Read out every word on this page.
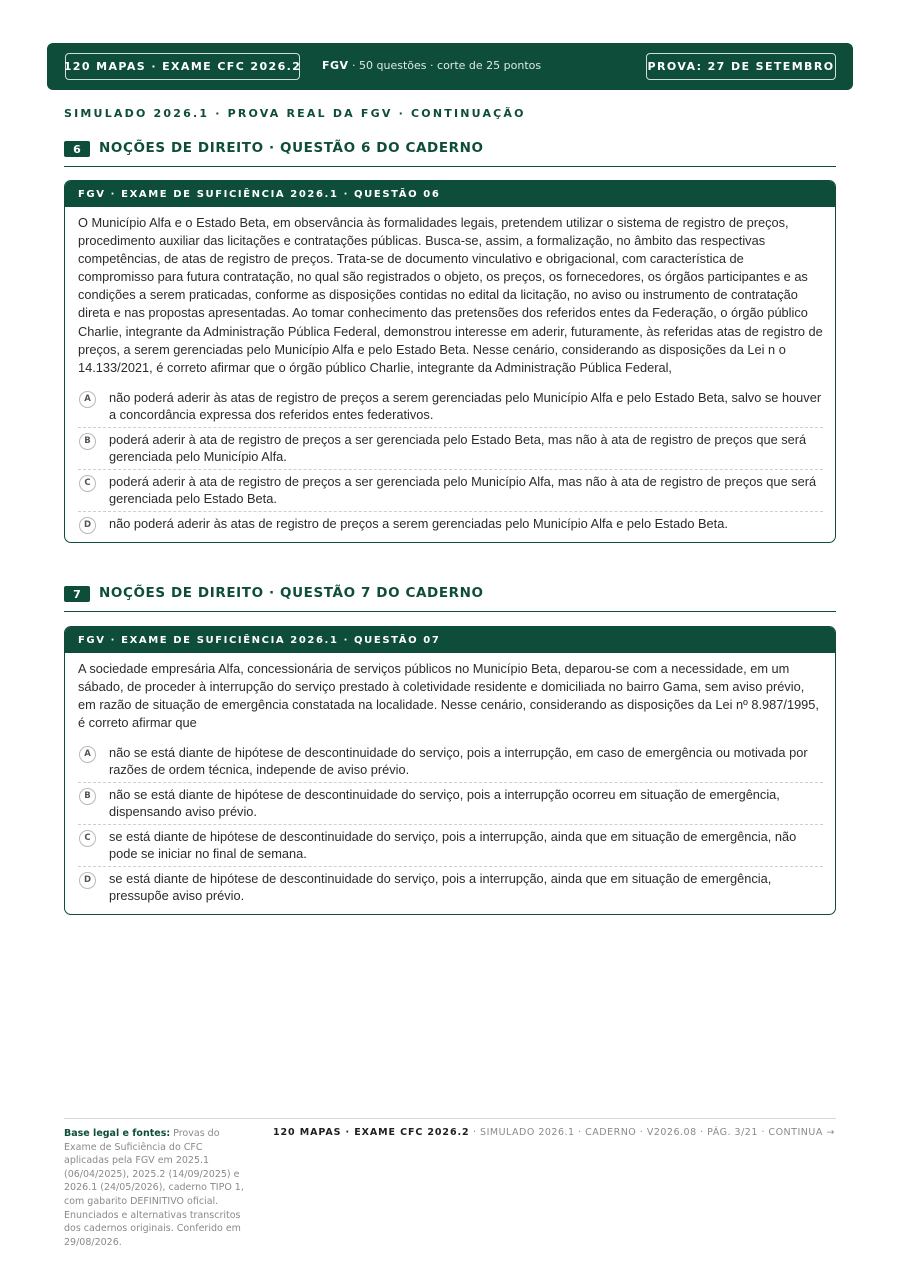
120 MAPAS · EXAME CFC 2026.2 FGV · 50 questões · corte de 25 pontos	PROVA: 27 DE SETEMBRO
SIMULADO 2026.1 · PROVA REAL DA FGV · CONTINUAÇÃO
6	NOÇÕES DE DIREITO · QUESTÃO 6 DO CADERNO
FGV · EXAME DE SUFICIÊNCIA 2026.1 · QUESTÃO 06
O Município Alfa e o Estado Beta, em observância às formalidades legais, pretendem utilizar o sistema de registro de preços, procedimento auxiliar das licitações e contratações públicas. Busca-se, assim, a formalização, no âmbito das respectivas competências, de atas de registro de preços. Trata-se de documento vinculativo e obrigacional, com característica de compromisso para futura contratação, no qual são registrados o objeto, os preços, os fornecedores, os órgãos participantes e as condições a serem praticadas, conforme as disposições contidas no edital da licitação, no aviso ou instrumento de contratação direta e nas propostas apresentadas. Ao tomar conhecimento das pretensões dos referidos entes da Federação, o órgão público Charlie, integrante da Administração Pública Federal, demonstrou interesse em aderir, futuramente, às referidas atas de registro de preços, a serem gerenciadas pelo Município Alfa e pelo Estado Beta. Nesse cenário, considerando as disposições da Lei n o 14.133/2021, é correto afirmar que o órgão público Charlie, integrante da Administração Pública Federal,
A	não poderá aderir às atas de registro de preços a serem gerenciadas pelo Município Alfa e pelo Estado Beta, salvo se houver a concordância expressa dos referidos entes federativos.
B	poderá aderir à ata de registro de preços a ser gerenciada pelo Estado Beta, mas não à ata de registro de preços que será gerenciada pelo Município Alfa.
C	poderá aderir à ata de registro de preços a ser gerenciada pelo Município Alfa, mas não à ata de registro de preços que será gerenciada pelo Estado Beta.
D	não poderá aderir às atas de registro de preços a serem gerenciadas pelo Município Alfa e pelo Estado Beta.
7	NOÇÕES DE DIREITO · QUESTÃO 7 DO CADERNO
FGV · EXAME DE SUFICIÊNCIA 2026.1 · QUESTÃO 07
A sociedade empresária Alfa, concessionária de serviços públicos no Município Beta, deparou-se com a necessidade, em um sábado, de proceder à interrupção do serviço prestado à coletividade residente e domiciliada no bairro Gama, sem aviso prévio, em razão de situação de emergência constatada na localidade. Nesse cenário, considerando as disposições da Lei nº 8.987/1995, é correto afirmar que
A	não se está diante de hipótese de descontinuidade do serviço, pois a interrupção, em caso de emergência ou motivada por razões de ordem técnica, independe de aviso prévio.
B	não se está diante de hipótese de descontinuidade do serviço, pois a interrupção ocorreu em situação de emergência, dispensando aviso prévio.
C	se está diante de hipótese de descontinuidade do serviço, pois a interrupção, ainda que em situação de emergência, não pode se iniciar no final de semana.
D	se está diante de hipótese de descontinuidade do serviço, pois a interrupção, ainda que em situação de emergência, pressupõe aviso prévio.
Base legal e fontes: Provas do Exame de Suficiência do CFC aplicadas pela FGV em 2025.1 (06/04/2025), 2025.2 (14/09/2025) e 2026.1 (24/05/2026), caderno TIPO 1, com gabarito DEFINITIVO oficial. Enunciados e alternativas transcritos dos cadernos originais. Conferido em 29/08/2026.
120 MAPAS · EXAME CFC 2026.2 · SIMULADO 2026.1 · CADERNO · V2026.08 · PÁG. 3/21 · CONTINUA →
